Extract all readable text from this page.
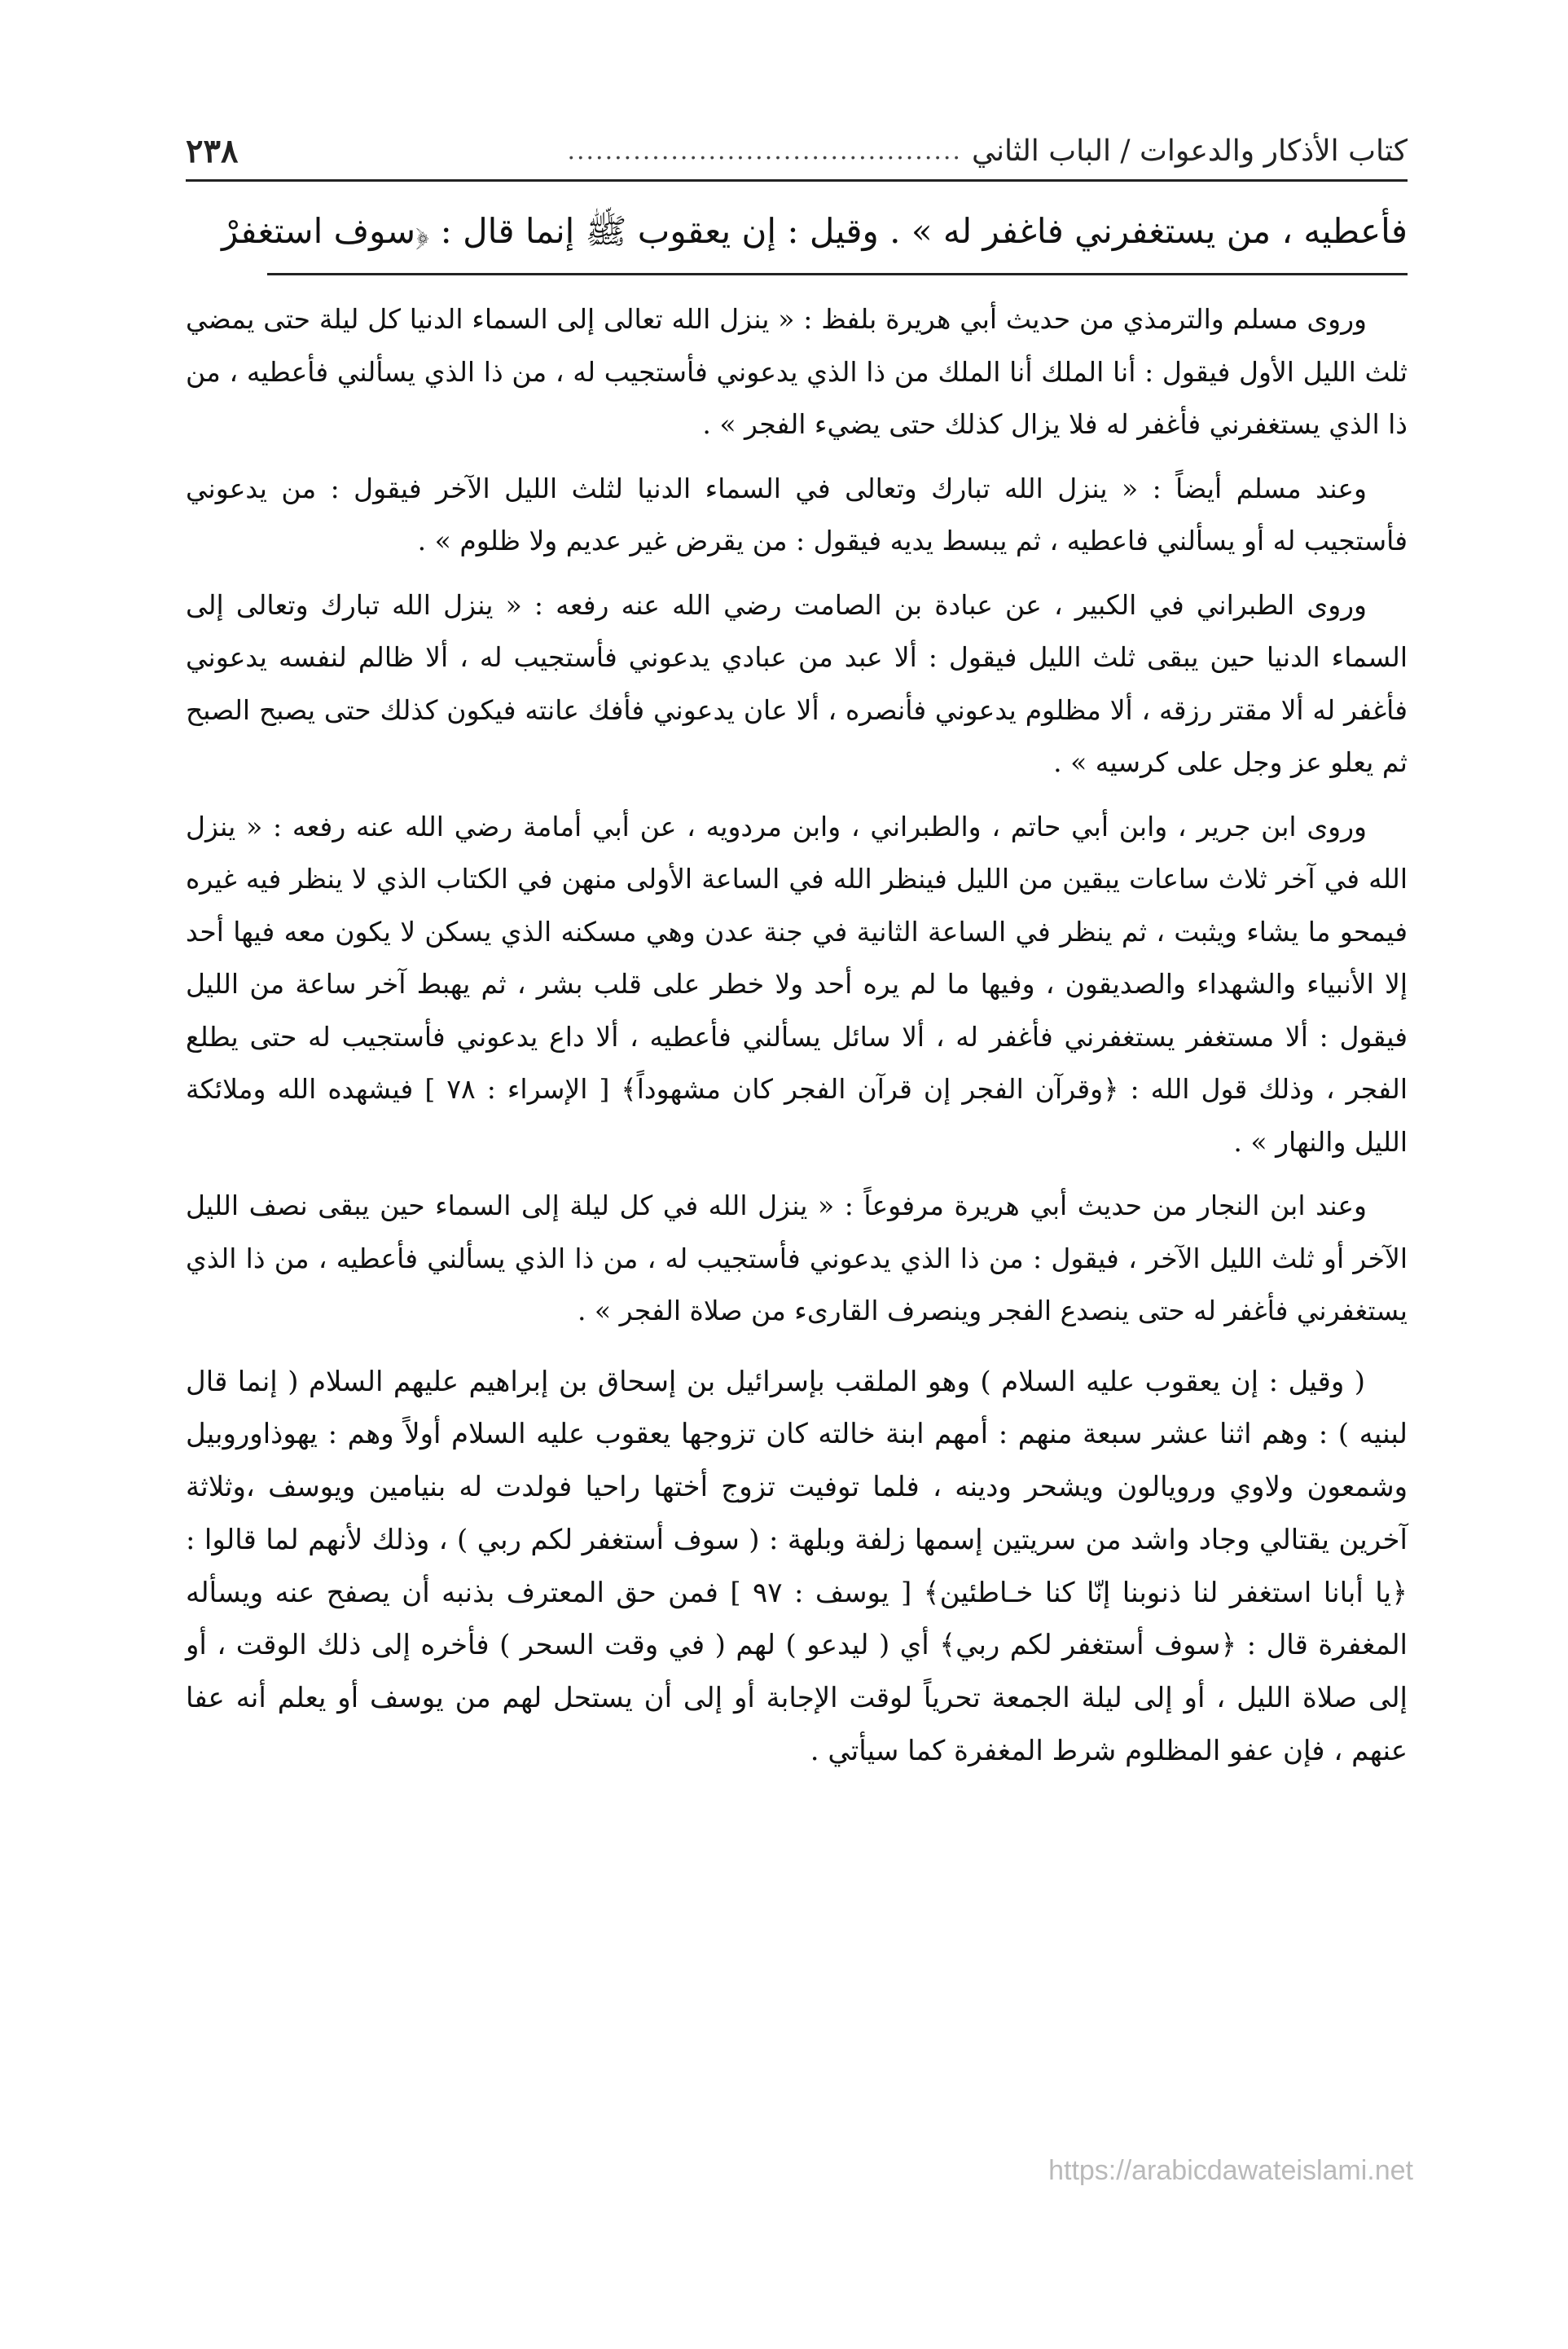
كتاب الأذكار والدعوات / الباب الثاني
..........................................
٢٣٨
فأعطيه ، من يستغفرني فاغفر له » . وقيل : إن يعقوب ﷺ إنما قال : ﴿سوف استغفرْ

وروى مسلم والترمذي من حديث أبي هريرة بلفظ : « ينزل الله تعالى إلى السماء الدنيا كل ليلة حتى يمضي ثلث الليل الأول فيقول : أنا الملك أنا الملك من ذا الذي يدعوني فأستجيب له ، من ذا الذي يسألني فأعطيه ، من ذا الذي يستغفرني فأغفر له فلا يزال كذلك حتى يضيء الفجر » .

وعند مسلم أيضاً : « ينزل الله تبارك وتعالى في السماء الدنيا لثلث الليل الآخر فيقول : من يدعوني فأستجيب له أو يسألني فاعطيه ، ثم يبسط يديه فيقول : من يقرض غير عديم ولا ظلوم » .

وروى الطبراني في الكبير ، عن عبادة بن الصامت رضي الله عنه رفعه : « ينزل الله تبارك وتعالى إلى السماء الدنيا حين يبقى ثلث الليل فيقول : ألا عبد من عبادي يدعوني فأستجيب له ، ألا ظالم لنفسه يدعوني فأغفر له ألا مقتر رزقه ، ألا مظلوم يدعوني فأنصره ، ألا عان يدعوني فأفك عانته فيكون كذلك حتى يصبح الصبح ثم يعلو عز وجل على كرسيه » .

وروى ابن جرير ، وابن أبي حاتم ، والطبراني ، وابن مردويه ، عن أبي أمامة رضي الله عنه رفعه : « ينزل الله في آخر ثلاث ساعات يبقين من الليل فينظر الله في الساعة الأولى منهن في الكتاب الذي لا ينظر فيه غيره فيمحو ما يشاء ويثبت ، ثم ينظر في الساعة الثانية في جنة عدن وهي مسكنه الذي يسكن لا يكون معه فيها أحد إلا الأنبياء والشهداء والصديقون ، وفيها ما لم يره أحد ولا خطر على قلب بشر ، ثم يهبط آخر ساعة من الليل فيقول : ألا مستغفر يستغفرني فأغفر له ، ألا سائل يسألني فأعطيه ، ألا داع يدعوني فأستجيب له حتى يطلع الفجر ، وذلك قول الله : ﴿وقرآن الفجر إن قرآن الفجر كان مشهوداً﴾ [ الإسراء : ٧٨ ] فيشهده الله وملائكة الليل والنهار » .

وعند ابن النجار من حديث أبي هريرة مرفوعاً : « ينزل الله في كل ليلة إلى السماء حين يبقى نصف الليل الآخر أو ثلث الليل الآخر ، فيقول : من ذا الذي يدعوني فأستجيب له ، من ذا الذي يسألني فأعطيه ، من ذا الذي يستغفرني فأغفر له حتى ينصدع الفجر وينصرف القارىء من صلاة الفجر » .

( وقيل : إن يعقوب عليه السلام ) وهو الملقب بإسرائيل بن إسحاق بن إبراهيم عليهم السلام ( إنما قال لبنيه ) : وهم اثنا عشر سبعة منهم : أمهم ابنة خالته كان تزوجها يعقوب عليه السلام أولاً وهم : يهوذاوروبيل وشمعون ولاوي ورويالون ويشحر ودينه ، فلما توفيت تزوج أختها راحيا فولدت له بنيامين ويوسف ،وثلاثة آخرين يقتالي وجاد واشد من سريتين إسمها زلفة وبلهة : ( سوف أستغفر لكم ربي ) ، وذلك لأنهم لما قالوا : ﴿يا أبانا استغفر لنا ذنوبنا إنّا كنا خـاطئين﴾ [ يوسف : ٩٧ ] فمن حق المعترف بذنبه أن يصفح عنه ويسأله المغفرة قال : ﴿سوف أستغفر لكم ربي﴾ أي ( ليدعو ) لهم ( في وقت السحر ) فأخره إلى ذلك الوقت ، أو إلى صلاة الليل ، أو إلى ليلة الجمعة تحرياً لوقت الإجابة أو إلى أن يستحل لهم من يوسف أو يعلم أنه عفا عنهم ، فإن عفو المظلوم شرط المغفرة كما سيأتي .

https://arabicdawateislami.net
